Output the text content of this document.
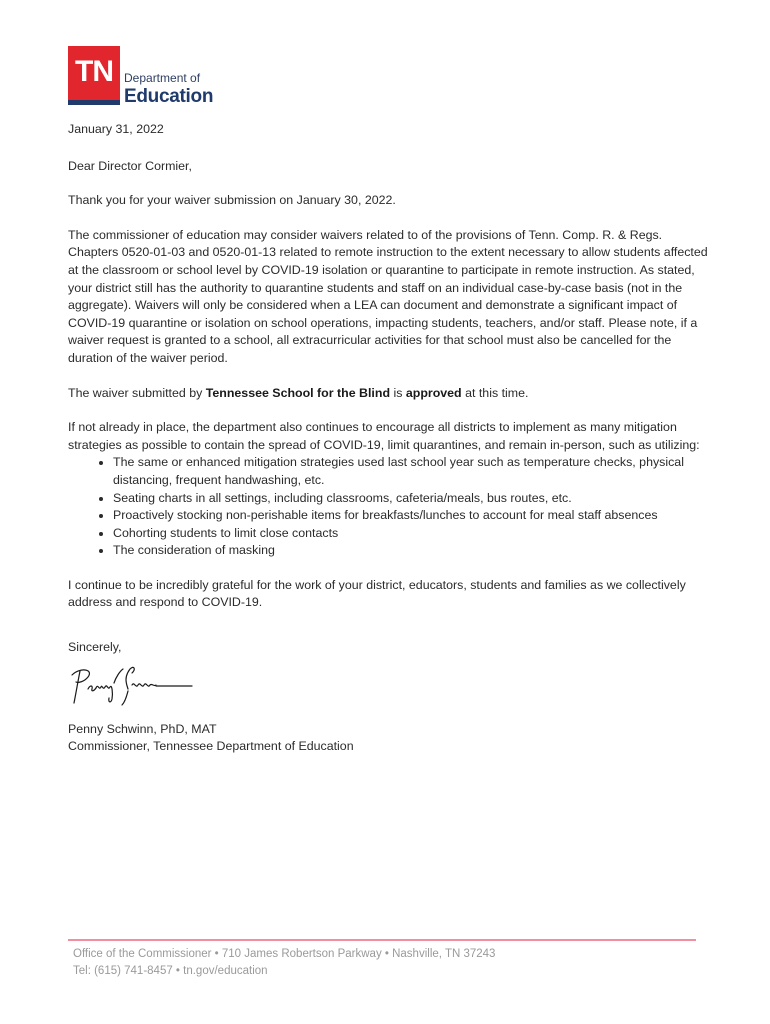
TN Department of
Education

January 31, 2022

Dear Director Cormier,

Thank you for your waiver submission on January 30, 2022.

The commissioner of education may consider waivers related to of the provisions of Tenn. Comp. R. & Regs. Chapters 0520-01-03 and 0520-01-13 related to remote instruction to the extent necessary to allow students affected at the classroom or school level by COVID-19 isolation or quarantine to participate in remote instruction. As stated, your district still has the authority to quarantine students and staff on an individual case-by-case basis (not in the aggregate). Waivers will only be considered when a LEA can document and demonstrate a significant impact of COVID-19 quarantine or isolation on school operations, impacting students, teachers, and/or staff. Please note, if a waiver request is granted to a school, all extracurricular activities for that school must also be cancelled for the duration of the waiver period.

The waiver submitted by Tennessee School for the Blind is approved at this time.

If not already in place, the department also continues to encourage all districts to implement as many mitigation strategies as possible to contain the spread of COVID-19, limit quarantines, and remain in-person, such as utilizing:

• The same or enhanced mitigation strategies used last school year such as temperature checks, physical distancing, frequent handwashing, etc.
• Seating charts in all settings, including classrooms, cafeteria/meals, bus routes, etc.
• Proactively stocking non-perishable items for breakfasts/lunches to account for meal staff absences
• Cohorting students to limit close contacts
• The consideration of masking

I continue to be incredibly grateful for the work of your district, educators, students and families as we collectively address and respond to COVID-19.

Sincerely,
Penny Schwinn
Penny Schwinn, PhD, MAT
Commissioner, Tennessee Department of Education
Office of the Commissioner • 710 James Robertson Parkway • Nashville, TN 37243
Tel: (615) 741-8457 • tn.gov/education
